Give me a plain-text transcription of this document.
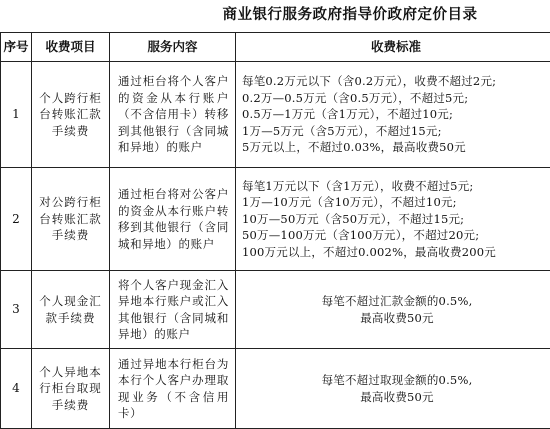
商业银行服务政府指导价政府定价目录
序号	收费项目	服务内容	收费标准
1	个人跨行柜台转账汇款手续费	通过柜台将个人客户的资金从本行账户（不含信用卡）转移到其他银行（含同城和异地）的账户	每笔0.2万元以下（含0.2万元），收费不超过2元;
0.2万—0.5万元（含0.5万元），不超过5元;
0.5万—1万元（含1万元），不超过10元;
1万—5万元（含5万元），不超过15元;
5万元以上，不超过0.03%，最高收费50元

2	对公跨行柜台转账汇款手续费	通过柜台将对公客户的资金从本行账户转移到其他银行（含同城和异地）的账户	每笔1万元以下（含1万元），收费不超过5元;
1万—10万元（含10万元），不超过10元;
10万—50万元（含50万元），不超过15元;
50万—100万元（含100万元），不超过20元;
100万元以上，不超过0.002%，最高收费200元

3	个人现金汇款手续费	将个人客户现金汇入异地本行账户或汇入其他银行（含同城和异地）的账户	每笔不超过汇款金额的0.5%,
最高收费50元

4	个人异地本行柜台取现手续费	通过异地本行柜台为本行个人客户办理取现业务（不含信用卡）	每笔不超过取现金额的0.5%,
最高收费50元
